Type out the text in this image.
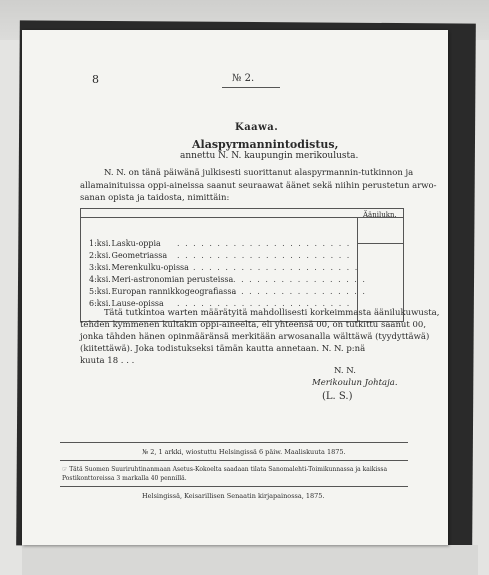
8	№ 2.
Kaawa.
Alaspyrmannintodistus,
annettu N. N. kaupungin merikoulusta.
N. N. on tänä päiwänä julkisesti suorittanut alaspyrmannin-tutkinnon ja
allamainituissa oppi-aineissa saanut seuraawat äänet sekä niihin perustetun arwo-
sanan opista ja taidosta, nimittäin:
Äänilukn.
1:ksi. Lasku-oppia
2:ksi. Geometriassa
3:ksi. Merenkulku-opissa
4:ksi. Meri-astronomian perusteissa
5:ksi. Europan rannikkogeografiassa
6:ksi. Lause-opissa
. . . . . . . . . . . . . . . . . . . . . .
. . . . . . . . . . . . . . . . . . . . . .
. . . . . . . . . . . . . . . . . . . . .
. . . . . . . . . . . . . . . . .
. . . . . . . . . . . . . . . . .
. . . . . . . . . . . . . . . . . . . . . .
Tätä tutkintoa warten määrätyitä mahdollisesti korkeimmasta äänilukuwusta,
tehden kymmenen kultakin oppi-aineelta, eli yhteensä 00, on tutkittu saanut 00,
jonka tähden hänen opinmääränsä merkitään arwosanalla wälttäwä (tyydyttäwä)
(kiitettäwä). Joka todistukseksi tämän kautta annetaan. N. N. p:nä
kuuta 18 . . .
N. N.
Merikoulun Johtaja.
(L. S.)
№ 2, 1 arkki, wiostuttu Helsingissä 6 päiw. Maaliskuuta 1875.
☞ Tätä Suomen Suuriruhtinanmaan Asetus-Kokoelta saadaan tilata Sanomalehti-Toimikunnassa ja kaikissa
Postikonttoreissa 3 markalla 40 pennillä.
Helsingissä, Keisarillisen Senaatin kirjapainossa, 1875.
